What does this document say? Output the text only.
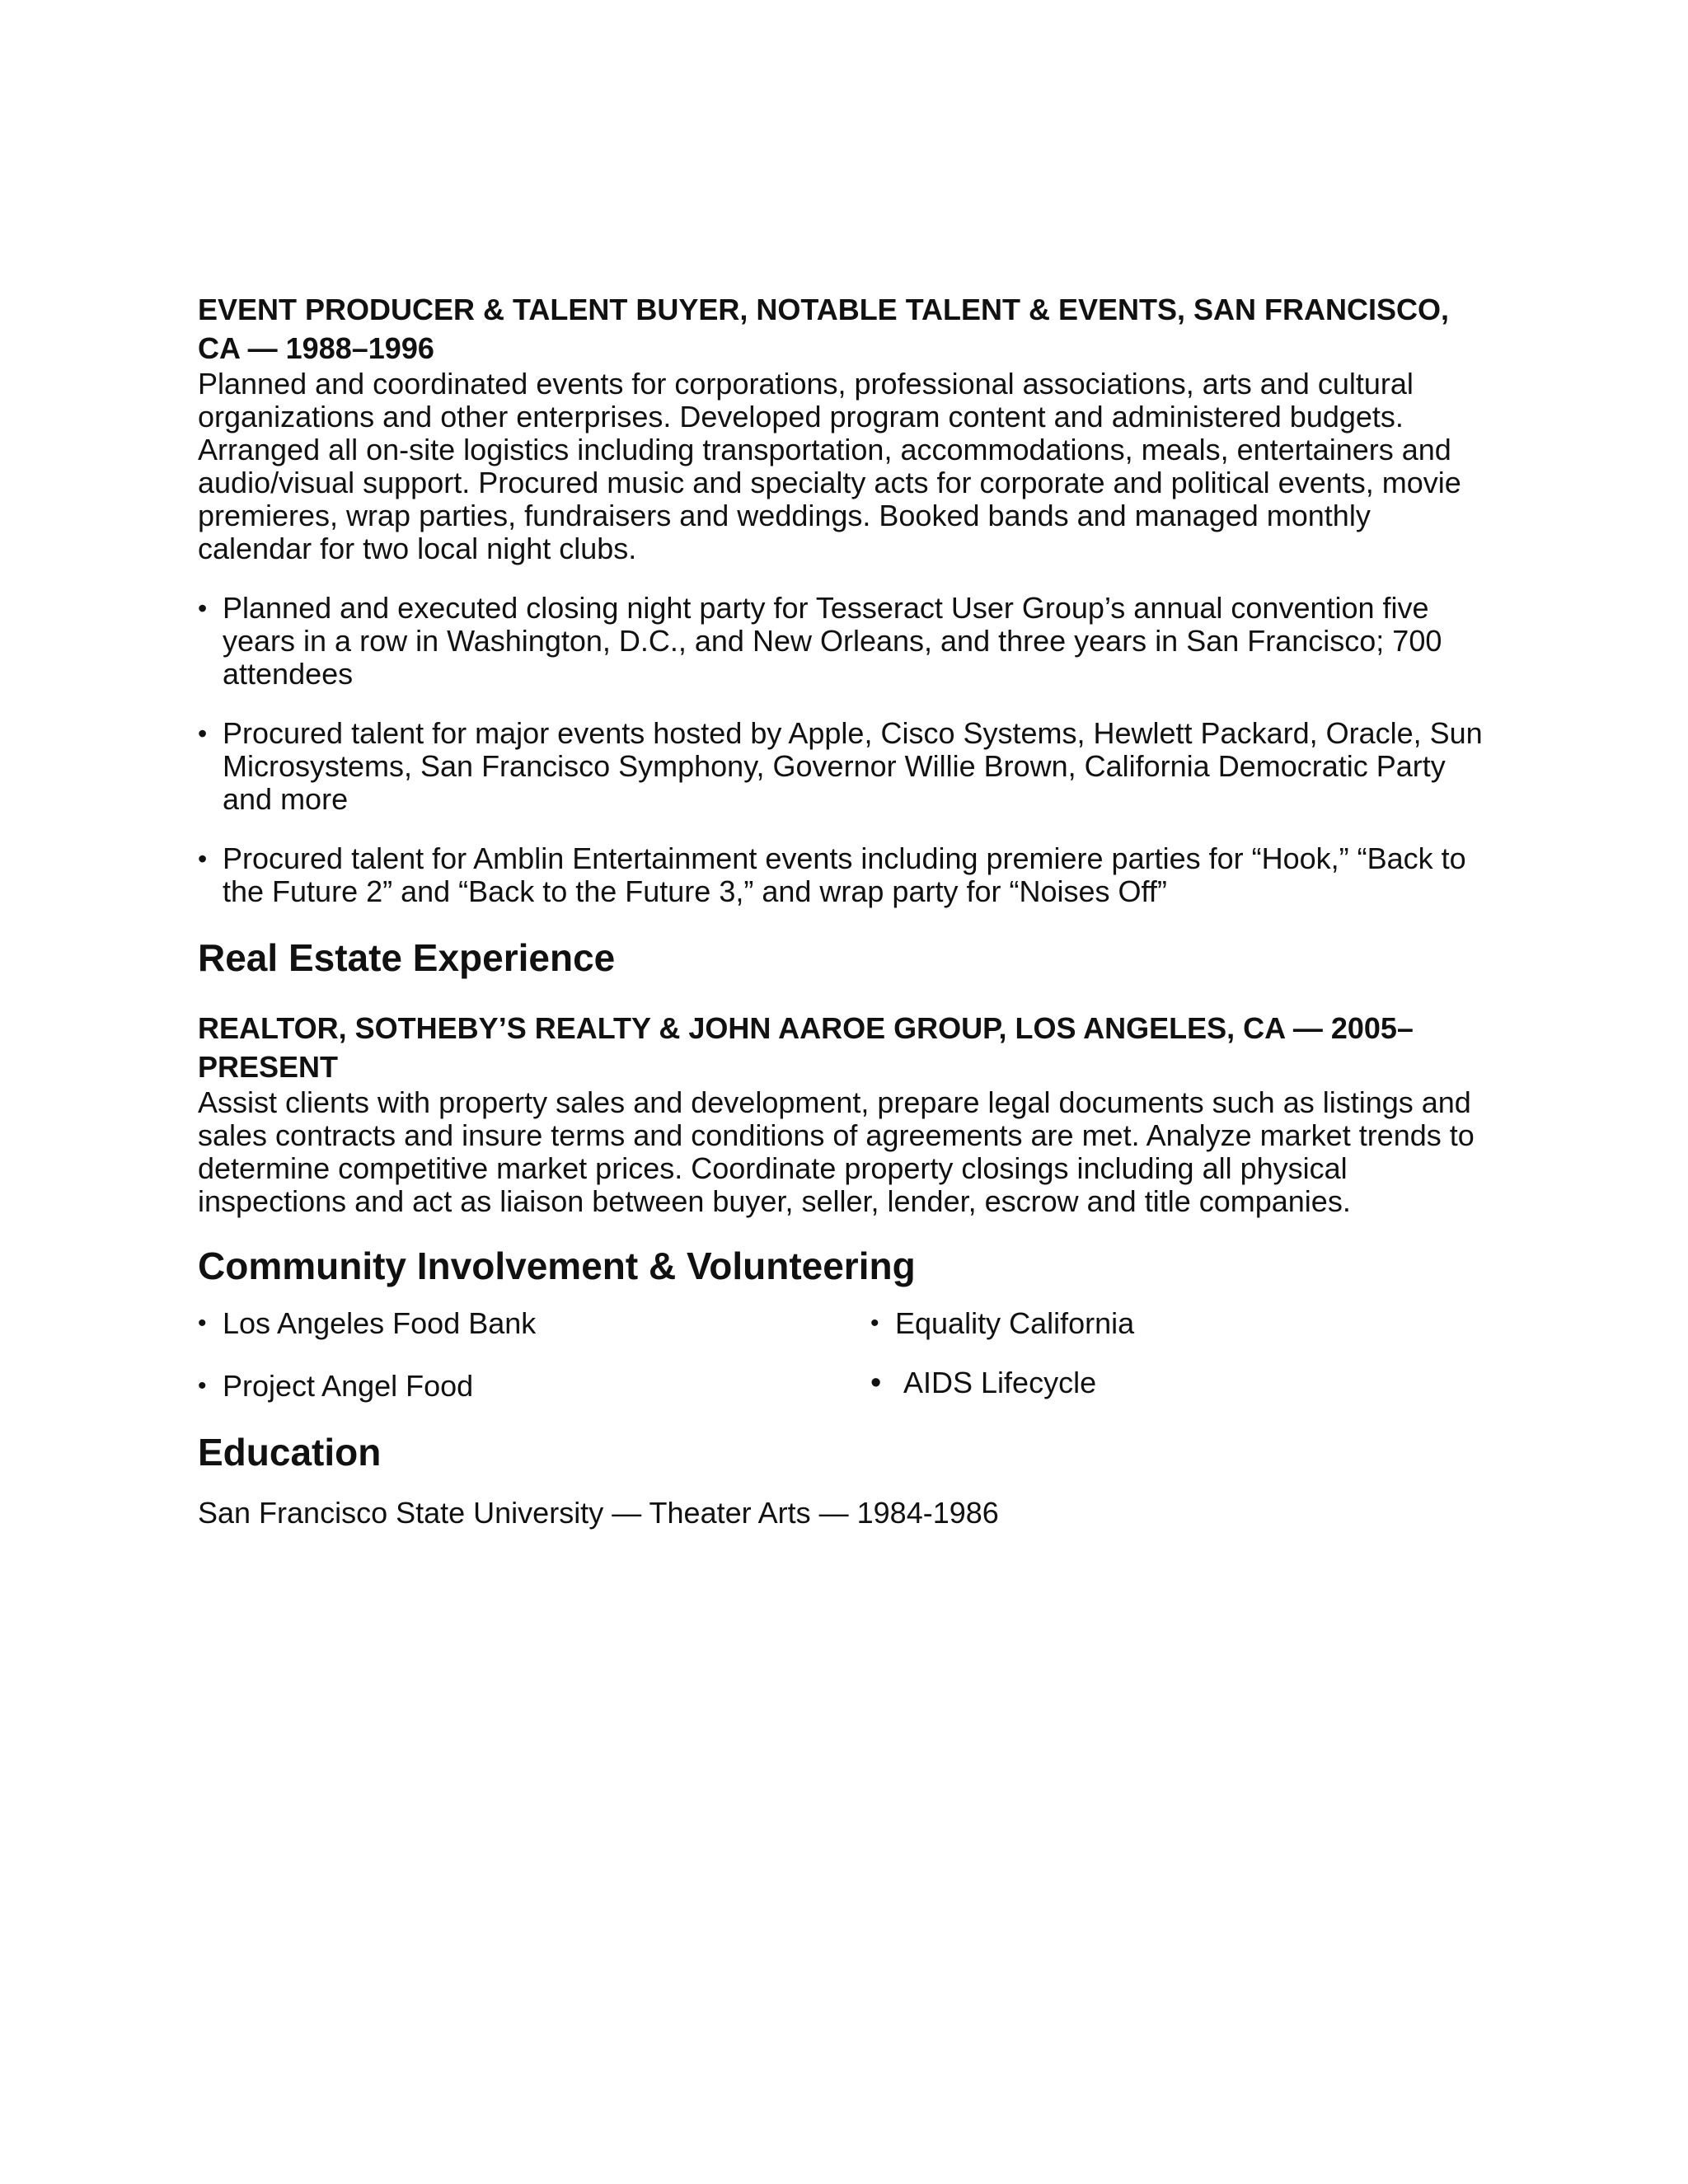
EVENT PRODUCER & TALENT BUYER, NOTABLE TALENT & EVENTS, SAN FRANCISCO, CA — 1988–1996

Planned and coordinated events for corporations, professional associations, arts and cultural organizations and other enterprises. Developed program content and administered budgets. Arranged all on-site logistics including transportation, accommodations, meals, entertainers and audio/visual support. Procured music and specialty acts for corporate and political events, movie premieres, wrap parties, fundraisers and weddings. Booked bands and managed monthly calendar for two local night clubs.

• Planned and executed closing night party for Tesseract User Group’s annual convention five years in a row in Washington, D.C., and New Orleans, and three years in San Francisco; 700 attendees
• Procured talent for major events hosted by Apple, Cisco Systems, Hewlett Packard, Oracle, Sun Microsystems, San Francisco Symphony, Governor Willie Brown, California Democratic Party and more
• Procured talent for Amblin Entertainment events including premiere parties for “Hook,” “Back to the Future 2” and “Back to the Future 3,” and wrap party for “Noises Off”
Real Estate Experience
REALTOR, SOTHEBY’S REALTY & JOHN AAROE GROUP, LOS ANGELES, CA — 2005–PRESENT

Assist clients with property sales and development, prepare legal documents such as listings and sales contracts and insure terms and conditions of agreements are met. Analyze market trends to determine competitive market prices. Coordinate property closings including all physical inspections and act as liaison between buyer, seller, lender, escrow and title companies.

Community Involvement & Volunteering
• Los Angeles Food Bank
• Project Angel Food
• Equality California
• AIDS Lifecycle
Education

San Francisco State University — Theater Arts — 1984-1986
